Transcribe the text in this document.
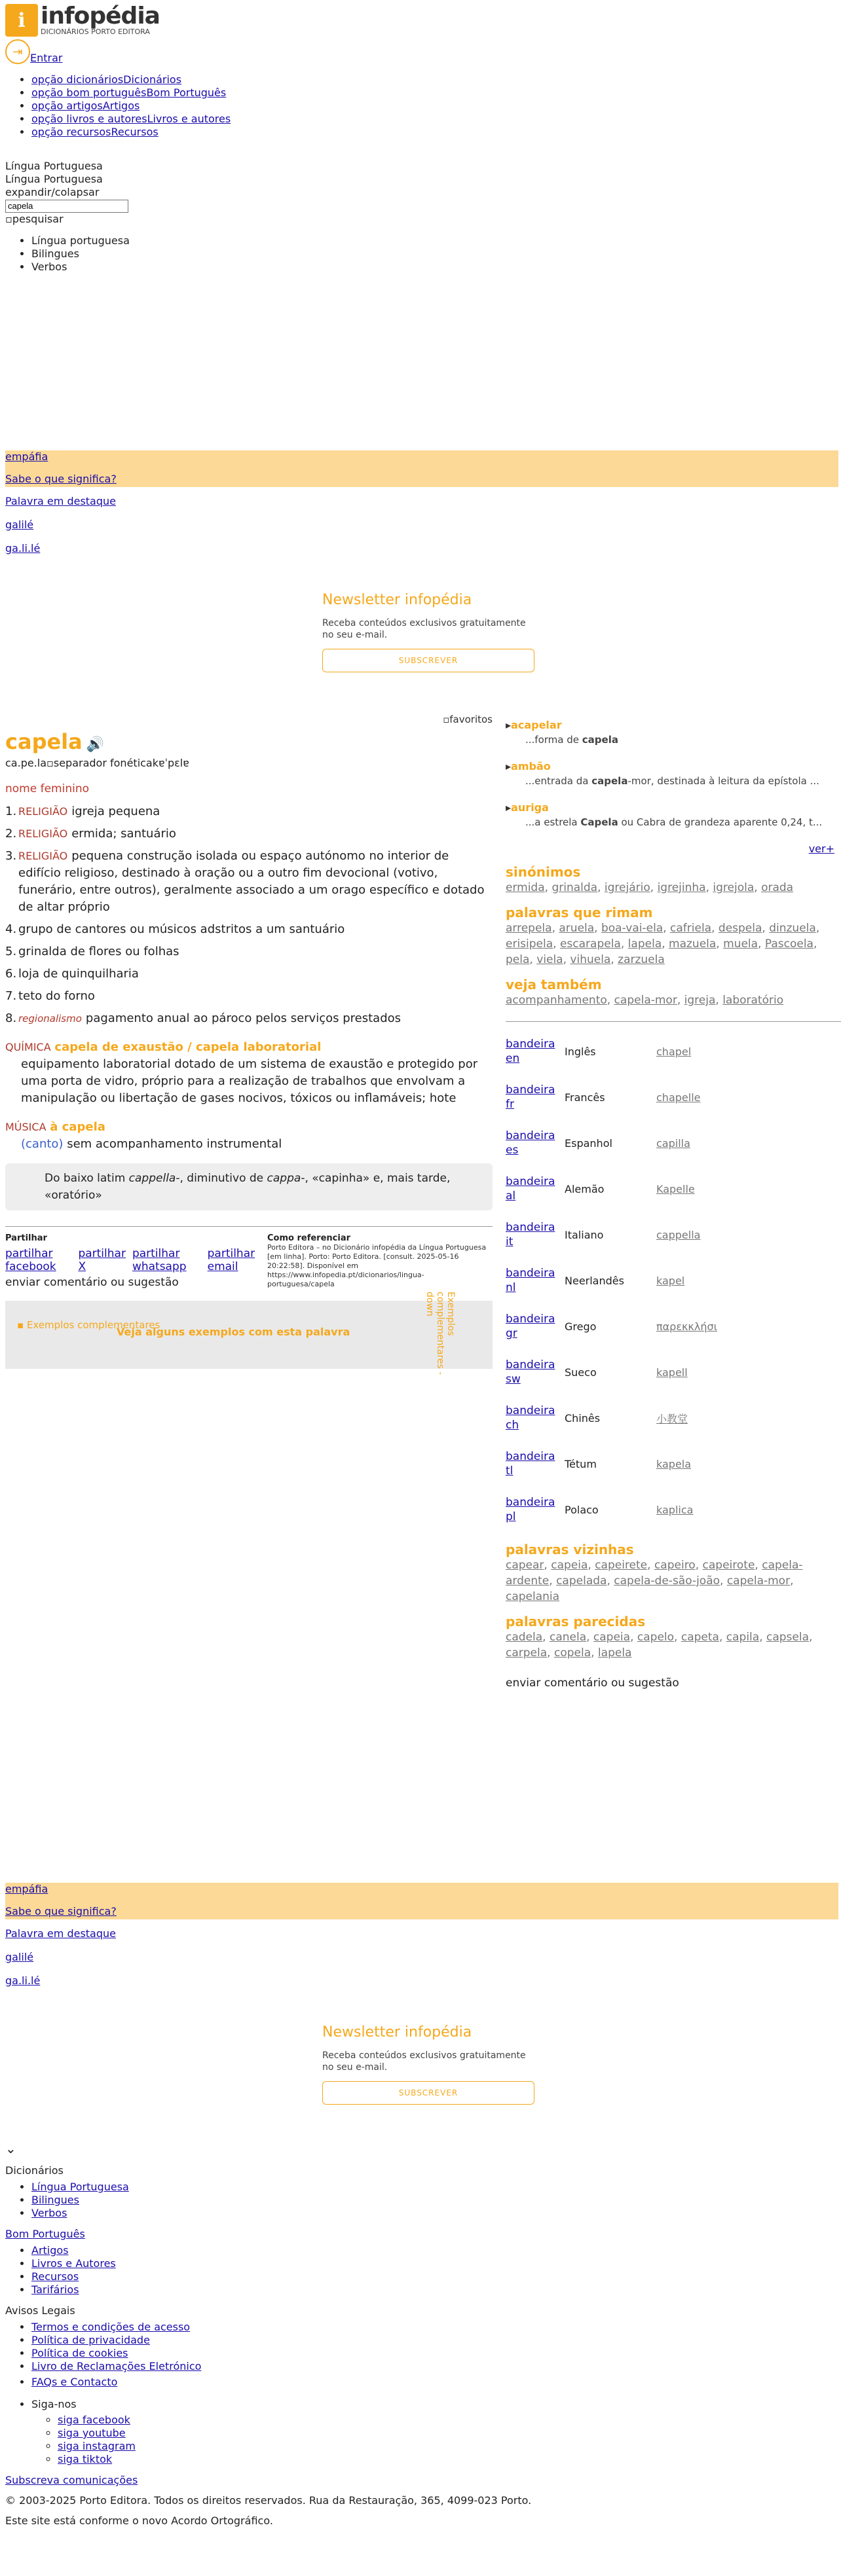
ℹ infopédia
DICIONÁRIOS PORTO EDITORA
⇥ Entrar
• opção dicionáriosDicionários
• opção bom portuguêsBom Português
• opção artigosArtigos
• opção livros e autoresLivros e autores
• opção recursosRecursos
Língua Portuguesa
Língua Portuguesa
expandir/colapsar
capela
▫pesquisar
• Língua portuguesa
• Bilingues
• Verbos
empáfia
Sabe o que significa?
Palavra em destaque
galilé
ga.li.lé
Newsletter infopédia
Receba conteúdos exclusivos gratuitamente no seu e-mail.
SUBSCREVER
▫favoritos
capela 🔊
ca.pe.la▫separador fonéticakɐˈpɛlɐ
nome feminino
1. RELIGIÃO igreja pequena
2. RELIGIÃO ermida; santuário
3. RELIGIÃO pequena construção isolada ou espaço autónomo no interior de edifício religioso, destinado à oração ou a outro fim devocional (votivo, funerário, entre outros), geralmente associado a um orago específico e dotado de altar próprio
4. grupo de cantores ou músicos adstritos a um santuário
5. grinalda de flores ou folhas
6. loja de quinquilharia
7. teto do forno
8. regionalismo pagamento anual ao pároco pelos serviços prestados
QUÍMICA capela de exaustão / capela laboratorial
equipamento laboratorial dotado de um sistema de exaustão e protegido por uma porta de vidro, próprio para a realização de trabalhos que envolvam a manipulação ou libertação de gases nocivos, tóxicos ou inflamáveis; hote
MÚSICA à capela
(canto) sem acompanhamento instrumental
Do baixo latim cappella-, diminutivo de cappa-, «capinha» e, mais tarde, «oratório»
Partilhar
partilhar facebook
partilhar X
partilhar whatsapp
partilhar email
enviar comentário ou sugestão
Como referenciar
Porto Editora – no Dicionário infopédia da Língua Portuguesa [em linha]. Porto: Porto Editora. [consult. 2025-05-16 20:22:58]. Disponível em https://www.infopedia.pt/dicionarios/lingua-portuguesa/capela
▪ Exemplos complementares
Veja alguns exemplos com esta palavra	Exemplos complementares - down
▸ acapelar
...forma de capela
▸ ambão
...entrada da capela-mor, destinada à leitura da epístola ...
▸ auriga
...a estrela Capela ou Cabra de grandeza aparente 0,24, t...
ver+
sinónimos
ermida, grinalda, igrejário, igrejinha, igrejola, orada
palavras que rimam
arrepela, aruela, boa-vai-ela, cafriela, despela, dinzuela, erisipela, escarapela, lapela, mazuela, muela, Pascoela, pela, viela, vihuela, zarzuela
veja também
acompanhamento, capela-mor, igreja, laboratório
bandeira en
Inglês	chapel
bandeira fr
Francês	chapelle
bandeira es
Espanhol	capilla
bandeira al
Alemão	Kapelle
bandeira it
Italiano	cappella
bandeira nl
Neerlandês	kapel
bandeira gr
Grego	παρεκκλήσι
bandeira sw
Sueco	kapell
bandeira ch
Chinês	小教堂
bandeira tl
Tétum	kapela
bandeira pl
Polaco	kaplica
palavras vizinhas
capear, capeia, capeirete, capeiro, capeirote, capela-ardente, capelada, capela-de-são-joão, capela-mor, capelania
palavras parecidas
cadela, canela, capeia, capelo, capeta, capila, capsela, carpela, copela, lapela
enviar comentário ou sugestão
empáfia
Sabe o que significa?
Palavra em destaque
galilé
ga.li.lé
Newsletter infopédia
Receba conteúdos exclusivos gratuitamente no seu e-mail.
SUBSCREVER
⌄
Dicionários
• Língua Portuguesa
• Bilingues
• Verbos
Bom Português
• Artigos
• Livros e Autores
• Recursos
• Tarifários
Avisos Legais
• Termos e condições de acesso
• Política de privacidade
• Política de cookies
• Livro de Reclamações Eletrónico
• FAQs e Contacto
• Siga-nos
◦ siga facebook
◦ siga youtube
◦ siga instagram
◦ siga tiktok
Subscreva comunicações
© 2003-2025 Porto Editora. Todos os direitos reservados. Rua da Restauração, 365, 4099-023 Porto.
Este site está conforme o novo Acordo Ortográfico.
